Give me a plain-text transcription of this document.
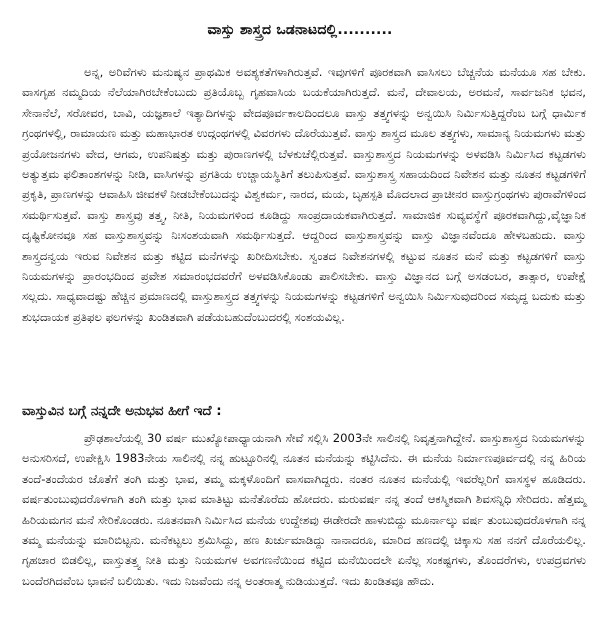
ವಾಸ್ತು ಶಾಸ್ತ್ರದ ಒಡನಾಟದಲ್ಲಿ..........

ಅನ್ನ, ಅರಿವೆಗಳು ಮನುಷ್ಯನ ಪ್ರಾಥಮಿಕ ಅವಶ್ಯಕತೆಗಳಾಗಿರುತ್ತವೆ. ಇವುಗಳಿಗೆ ಪೂರಕವಾಗಿ ವಾಸಿಸಲು ಬೆಚ್ಚನೆಯ ಮನೆಯೂ ಸಹ ಬೇಕು. ವಾಸಗೃಹ ನಮ್ಮದಿಯ ನೆಲೆಯಾಗಿರಬೇಕೆಂಬುದು ಪ್ರತಿಯೊಬ್ಬ ಗೃಹವಾಸಿಯ ಬಯಕೆಯಾಗಿರುತ್ತದೆ. ಮನೆ, ದೇವಾಲಯ, ಅರಮನೆ, ಸಾರ್ವಜನಿಕ ಭವನ, ಸೇನಾನೆಲೆ, ಸರೋವರ, ಬಾವಿ, ಯಜ್ಞಶಾಲೆ ಇತ್ಯಾದಿಗಳನ್ನು ವೇದಪೂರ್ವಕಾಲದಿಂದಲೂ ವಾಸ್ತು ತತ್ತ್ವಗಳನ್ನು ಅನ್ವಯಿಸಿ ನಿರ್ಮಿಸುತ್ತಿದ್ದರೆಂಬ ಬಗ್ಗೆ ಧಾರ್ಮಿಕ ಗ್ರಂಥಗಳಲ್ಲಿ, ರಾಮಾಯಣ ಮತ್ತು ಮಹಾಭಾರತ ಉದ್ಗಂಥಗಳಲ್ಲಿ ವಿವರಗಳು ದೊರೆಯುತ್ತವೆ. ವಾಸ್ತು ಶಾಸ್ತ್ರದ ಮೂಲ ತತ್ತ್ವಗಳು, ಸಾಮಾನ್ಯ ನಿಯಮಗಳು ಮತ್ತು ಪ್ರಯೋಜನಗಳು ವೇದ, ಆಗಮ, ಉಪನಿಷತ್ತು ಮತ್ತು ಪುರಾಣಗಳಲ್ಲಿ ಬೆಳಕುಚೆಲ್ಲಿರುತ್ತವೆ. ವಾಸ್ತುಶಾಸ್ತ್ರದ ನಿಯಮಗಳನ್ನು ಅಳವಡಿಸಿ ನಿರ್ಮಿಸಿದ ಕಟ್ಟಡಗಳು ಅತ್ಯುತ್ತಮ ಫಲಿತಾಂಶಗಳನ್ನು ನೀಡಿ, ವಾಸಿಗಳನ್ನು ಪ್ರಗತಿಯ ಉಚ್ಚಾಯಸ್ಥಿತಿಗೆ ತಲುಪಿಸುತ್ತವೆ. ವಾಸ್ತುಶಾಸ್ತ್ರ ಸಹಾಯದಿಂದ ನಿವೇಶನ ಮತ್ತು ನೂತನ ಕಟ್ಟಡಗಳಿಗೆ ಪ್ರಕೃತಿ, ಪ್ರಾಣಗಳನ್ನು ಆವಾಹಿಸಿ ಜೀವಕಳೆ ನೀಡಬೇಕೆಂಬುದನ್ನು ವಿಶ್ವಕರ್ಮ, ನಾರದ, ಮಯ, ಬೃಹಸ್ಪತಿ ಮೊದಲಾದ ಪ್ರಾಚೀನರ ವಾಸ್ತುಗ್ರಂಥಗಳು ಪುರಾವೆಗಳಿಂದ ಸಮರ್ಥಿಸುತ್ತವೆ. ವಾಸ್ತು ಶಾಸ್ತ್ರವು ತತ್ತ್ವ, ನೀತಿ, ನಿಯಮಗಳಿಂದ ಕೂಡಿದ್ದು ಸಾಂಪ್ರದಾಯಕವಾಗಿರುತ್ತದೆ. ಸಾಮಾಜಿಕ ಸುವ್ಯವಸ್ಥೆಗೆ ಪೂರಕವಾಗಿದ್ದು,ವೈಜ್ಞಾನಿಕ ದೃಷ್ಟಿಕೋನವೂ ಸಹ ವಾಸ್ತುಶಾಸ್ತ್ರವನ್ನು ನಿಃಸಂಶಯವಾಗಿ ಸಮರ್ಥಿಸುತ್ತದೆ. ಆದ್ದರಿಂದ ವಾಸ್ತುಶಾಸ್ತ್ರವನ್ನು ವಾಸ್ತು ವಿಜ್ಞಾನವೆಂದೂ ಹೇಳಬಹುದು. ವಾಸ್ತು ಶಾಸ್ತ್ರದನ್ವಯ ಇರುವ ನಿವೇಶನ ಮತ್ತು ಕಟ್ಟಿದ ಮನೆಗಳನ್ನು ಖರೀದಿಸಬೇಕು. ಸ್ವಂತದ ನಿವೇಶನಗಳಲ್ಲಿ ಕಟ್ಟುವ ನೂತನ ಮನೆ ಮತ್ತು ಕಟ್ಟಡಗಳಿಗೆ ವಾಸ್ತು ನಿಯಮಗಳನ್ನು ಪ್ರಾರಂಭದಿಂದ ಪ್ರವೇಶ ಸಮಾರಂಭದವರೆಗೆ ಅಳವಡಿಸಿಕೊಂಡು ಪಾಲಿಸಬೇಕು. ವಾಸ್ತು ವಿಜ್ಞಾನದ ಬಗ್ಗೆ ಅಸಡಂಬರ, ತಾತ್ಸಾರ, ಉಪೇಕ್ಷೆ ಸಲ್ಲದು. ಸಾಧ್ಯವಾದಷ್ಟು ಹೆಚ್ಚಿನ ಪ್ರಮಾಣದಲ್ಲಿ ವಾಸ್ತುಶಾಸ್ತ್ರದ ತತ್ತ್ವಗಳನ್ನು ನಿಯಮಗಳನ್ನು ಕಟ್ಟಡಗಳಿಗೆ ಅನ್ವಯಿಸಿ ನಿರ್ಮಿಸುವುದರಿಂದ ಸಮೃದ್ಧ ಬದುಕು ಮತ್ತು ಶುಭದಾಯಕ ಪ್ರತಿಫಲ ಫಲಗಳನ್ನು ಖಂಡಿತವಾಗಿ ಪಡೆಯಬಹುದೆಂಬುದರಲ್ಲಿ ಸಂಶಯವಿಲ್ಲ.

ವಾಸ್ತುವಿನ ಬಗ್ಗೆ ನನ್ನದೇ ಅನುಭವ ಹೀಗೆ ಇದೆ :

ಪ್ರೌಢಶಾಲೆಯಲ್ಲಿ 30 ವರ್ಷ ಮುಖ್ಯೋಪಾಧ್ಯಾಯನಾಗಿ ಸೇವೆ ಸಲ್ಲಿಸಿ 2003ನೇ ಸಾಲಿನಲ್ಲಿ ನಿವೃತ್ತನಾಗಿದ್ದೇನೆ. ವಾಸ್ತುಶಾಸ್ತ್ರದ ನಿಯಮಗಳನ್ನು ಅನುಸರಿಸದೆ, ಉಪೇಕ್ಷಿಸಿ 1983ನೇಯ ಸಾಲಿನಲ್ಲಿ ನನ್ನ ಹುಟ್ಟೂರಿನಲ್ಲಿ ನೂತನ ಮನೆಯನ್ನು ಕಟ್ಟಿಸಿದೆನು. ಈ ಮನೆಯ ನಿರ್ಮಾಣಪೂರ್ವದಲ್ಲಿ ನನ್ನ ಹಿರಿಯ ತಂದೆ-ತಂದೆಯರ ಜೊತೆಗೆ ತಂಗಿ ಮತ್ತು ಭಾವ, ತಮ್ಮ ಮಕ್ಕಳೊಂದಿಗೆ ವಾಸವಾಗಿದ್ದರು. ನಂತರ ನೂತನ ಮನೆಯಲ್ಲಿ ಇವರೆಲ್ಲರಿಗೆ ವಾಸಸ್ಥಳ ಹೂಡಿದರು. ವರ್ಷತುಂಬುವುದರೊಳಗಾಗಿ ತಂಗಿ ಮತ್ತು ಭಾವ ಮಾತಿಟ್ಟು ಮನೆತೊರೆದು ಹೋದರು. ಮರುವರ್ಷ ನನ್ನ ತಂದೆ ಆಕಸ್ಮಿಕವಾಗಿ ಶಿವಸನ್ನಿಧಿ ಸೇರಿದರು. ಹೆತ್ತಮ್ಮ ಹಿರಿಯಮಗನ ಮನೆ ಸೇರಿಕೊಂಡರು. ನೂತನವಾಗಿ ನಿರ್ಮಿಸಿದ ಮನೆಯ ಉದ್ದೇಶವು ಈಡೇರದೇ ಹಾಳುಬಿದ್ದು ಮೂರ್ನಾಲ್ಕು ವರ್ಷ ತುಂಬುವುದರೊಳಗಾಗಿ ನನ್ನ ತಮ್ಮ ಮನೆಯನ್ನು ಮಾರಿಬಿಟ್ಟನು. ಮನೆಕಟ್ಟಲು ಶ್ರಮಿಸಿದ್ದು, ಹಣ ಖರ್ಚುಮಾಡಿದ್ದು ನಾನಾದರೂ, ಮಾರಿದ ಹಣದಲ್ಲಿ ಚಿಕ್ಕಾಸು ಸಹ ನನಗೆ ದೊರೆಯಲಿಲ್ಲ. ಗೃಹಚಾರ ಬಿಡಲಿಲ್ಲ, ವಾಸ್ತುತತ್ತ್ವ ನೀತಿ ಮತ್ತು ನಿಯಮಗಳ ಅವಗಣನೆಯಿಂದ ಕಟ್ಟಿದ ಮನೆಯಿಂದಲೇ ಏನೆಲ್ಲ ಸಂಕಷ್ಟಗಳು, ತೊಂದರೆಗಳು, ಉಪದ್ರವಗಳು ಬಂದೆರಗಿದವೆಂಬ ಭಾವನೆ ಬಲಿಯಿತು. ಇದು ನಿಜವೆಂದು ನನ್ನ ಅಂತರಾತ್ಮ ನುಡಿಯುತ್ತದೆ. ಇದು ಖಂಡಿತವೂ ಹೌದು.
